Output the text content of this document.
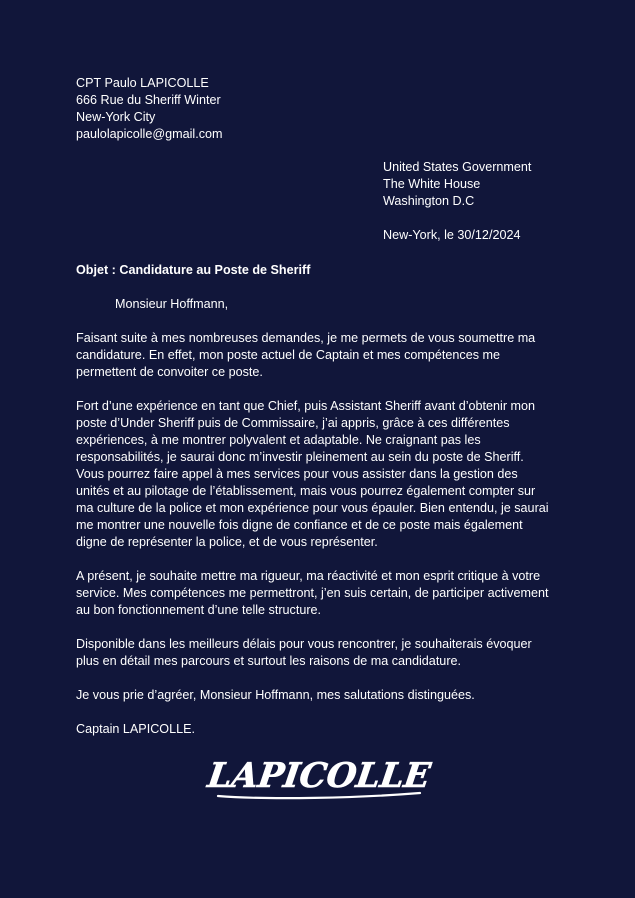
CPT Paulo LAPICOLLE
666 Rue du Sheriff Winter
New-York City
paulolapicolle@gmail.com
United States Government
The White House
Washington D.C
New-York, le 30/12/2024
Objet : Candidature au Poste de Sheriff
Monsieur Hoffmann,
Faisant suite à mes nombreuses demandes, je me permets de vous soumettre ma
candidature. En effet, mon poste actuel de Captain et mes compétences me
permettent de convoiter ce poste.
Fort d’une expérience en tant que Chief, puis Assistant Sheriff avant d’obtenir mon
poste d’Under Sheriff puis de Commissaire, j’ai appris, grâce à ces différentes
expériences, à me montrer polyvalent et adaptable. Ne craignant pas les
responsabilités, je saurai donc m’investir pleinement au sein du poste de Sheriff.
Vous pourrez faire appel à mes services pour vous assister dans la gestion des
unités et au pilotage de l’établissement, mais vous pourrez également compter sur
ma culture de la police et mon expérience pour vous épauler. Bien entendu, je saurai
me montrer une nouvelle fois digne de confiance et de ce poste mais également
digne de représenter la police, et de vous représenter.
A présent, je souhaite mettre ma rigueur, ma réactivité et mon esprit critique à votre
service. Mes compétences me permettront, j’en suis certain, de participer activement
au bon fonctionnement d’une telle structure.
Disponible dans les meilleurs délais pour vous rencontrer, je souhaiterais évoquer
plus en détail mes parcours et surtout les raisons de ma candidature.
Je vous prie d’agréer, Monsieur Hoffmann, mes salutations distinguées.
Captain LAPICOLLE.
LAPICOLLE
